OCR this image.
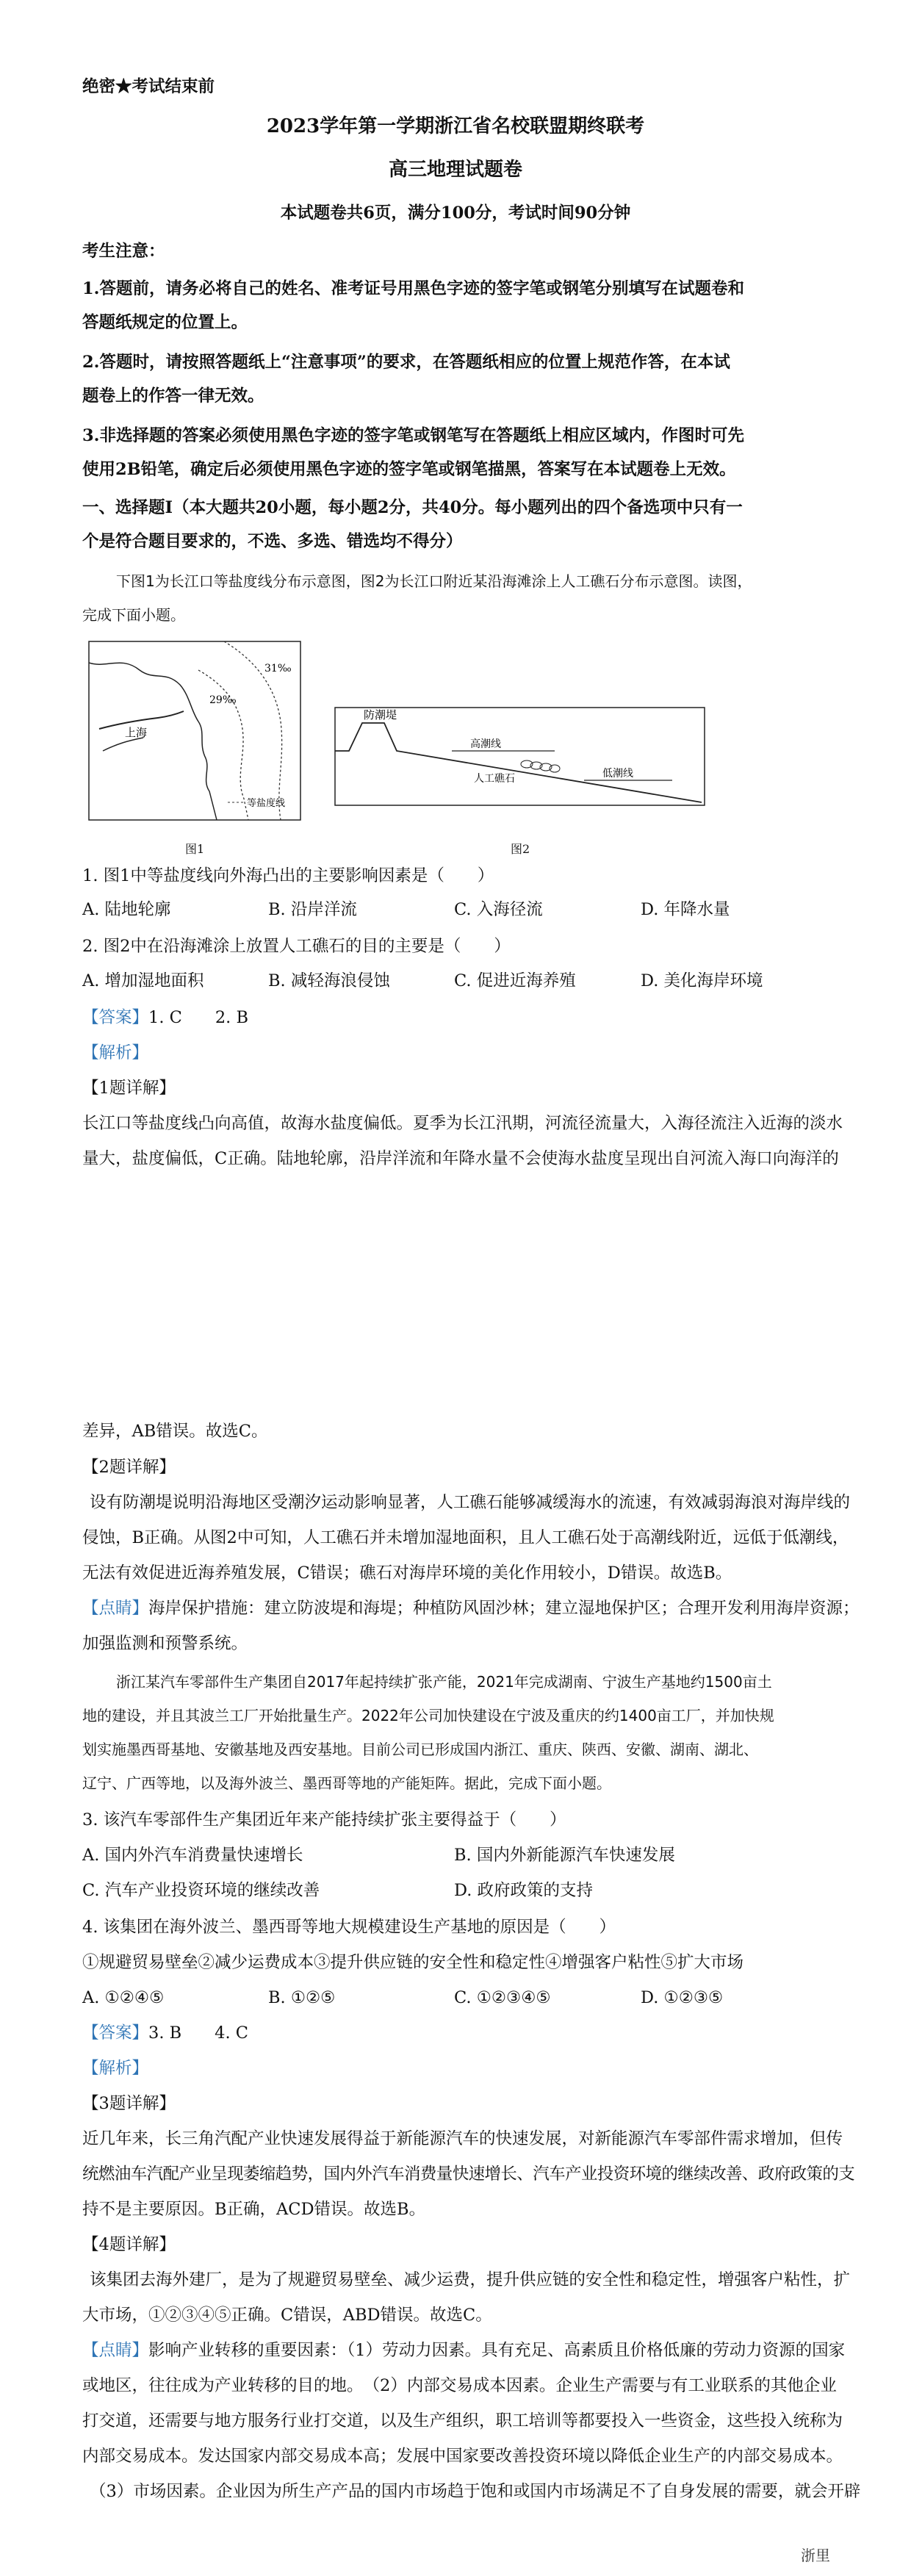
绝密★考试结束前

2023学年第一学期浙江省名校联盟期终联考

高三地理试题卷

本试题卷共6页，满分100分，考试时间90分钟

考生注意：

1.答题前，请务必将自己的姓名、准考证号用黑色字迹的签字笔或钢笔分别填写在试题卷和

答题纸规定的位置上。

2.答题时，请按照答题纸上“注意事项”的要求，在答题纸相应的位置上规范作答，在本试

题卷上的作答一律无效。

3.非选择题的答案必须使用黑色字迹的签字笔或钢笔写在答题纸上相应区域内，作图时可先

使用2B铅笔，确定后必须使用黑色字迹的签字笔或钢笔描黑，答案写在本试题卷上无效。

一、选择题Ⅰ（本大题共20小题，每小题2分，共40分。每小题列出的四个备选项中只有一

个是符合题目要求的，不选、多选、错选均不得分）

下图1为长江口等盐度线分布示意图，图2为长江口附近某沿海滩涂上人工礁石分布示意图。读图，

完成下面小题。

31‰
29‰
上海
等盐度线

图1

防潮堤
高潮线
人工礁石	低潮线

图2

1. 图1中等盐度线向外海凸出的主要影响因素是（　　）

A. 陆地轮廓	B. 沿岸洋流	C. 入海径流	D. 年降水量

2. 图2中在沿海滩涂上放置人工礁石的目的主要是（　　）

A. 增加湿地面积	B. 减轻海浪侵蚀	C. 促进近海养殖	D. 美化海岸环境

【答案】1. C　　2. B

【解析】

【1题详解】

长江口等盐度线凸向高值，故海水盐度偏低。夏季为长江汛期，河流径流量大，入海径流注入近海的淡水

量大，盐度偏低，C正确。陆地轮廓，沿岸洋流和年降水量不会使海水盐度呈现出自河流入海口向海洋的

差异，AB错误。故选C。

【2题详解】

设有防潮堤说明沿海地区受潮汐运动影响显著，人工礁石能够减缓海水的流速，有效减弱海浪对海岸线的

侵蚀，B正确。从图2中可知，人工礁石并未增加湿地面积，且人工礁石处于高潮线附近，远低于低潮线，

无法有效促进近海养殖发展，C错误；礁石对海岸环境的美化作用较小，D错误。故选B。

【点睛】海岸保护措施：建立防波堤和海堤；种植防风固沙林；建立湿地保护区；合理开发利用海岸资源；

加强监测和预警系统。

浙江某汽车零部件生产集团自2017年起持续扩张产能，2021年完成湖南、宁波生产基地约1500亩土

地的建设，并且其波兰工厂开始批量生产。2022年公司加快建设在宁波及重庆的约1400亩工厂，并加快规

划实施墨西哥基地、安徽基地及西安基地。目前公司已形成国内浙江、重庆、陕西、安徽、湖南、湖北、

辽宁、广西等地，以及海外波兰、墨西哥等地的产能矩阵。据此，完成下面小题。

3. 该汽车零部件生产集团近年来产能持续扩张主要得益于（　　）

A. 国内外汽车消费量快速增长	B. 国内外新能源汽车快速发展
C. 汽车产业投资环境的继续改善	D. 政府政策的支持

4. 该集团在海外波兰、墨西哥等地大规模建设生产基地的原因是（　　）

①规避贸易壁垒②减少运费成本③提升供应链的安全性和稳定性④增强客户粘性⑤扩大市场

A. ①②④⑤	B. ①②⑤	C. ①②③④⑤	D. ①②③⑤

【答案】3. B　　4. C

【解析】

【3题详解】

近几年来，长三角汽配产业快速发展得益于新能源汽车的快速发展，对新能源汽车零部件需求增加，但传

统燃油车汽配产业呈现萎缩趋势，国内外汽车消费量快速增长、汽车产业投资环境的继续改善、政府政策的支

持不是主要原因。B正确，ACD错误。故选B。

【4题详解】

该集团去海外建厂，是为了规避贸易壁垒、减少运费，提升供应链的安全性和稳定性，增强客户粘性，扩

大市场，①②③④⑤正确。C错误，ABD错误。故选C。

【点睛】影响产业转移的重要因素：（1）劳动力因素。具有充足、高素质且价格低廉的劳动力资源的国家

或地区，往往成为产业转移的目的地。　（2）内部交易成本因素。企业生产需要与有工业联系的其他企业

打交道，还需要与地方服务行业打交道，以及生产组织，职工培训等都要投入一些资金，这些投入统称为

内部交易成本。发达国家内部交易成本高；发展中国家要改善投资环境以降低企业生产的内部交易成本。

（3）市场因素。企业因为所生产产品的国内市场趋于饱和或国内市场满足不了自身发展的需要，就会开辟

浙里
